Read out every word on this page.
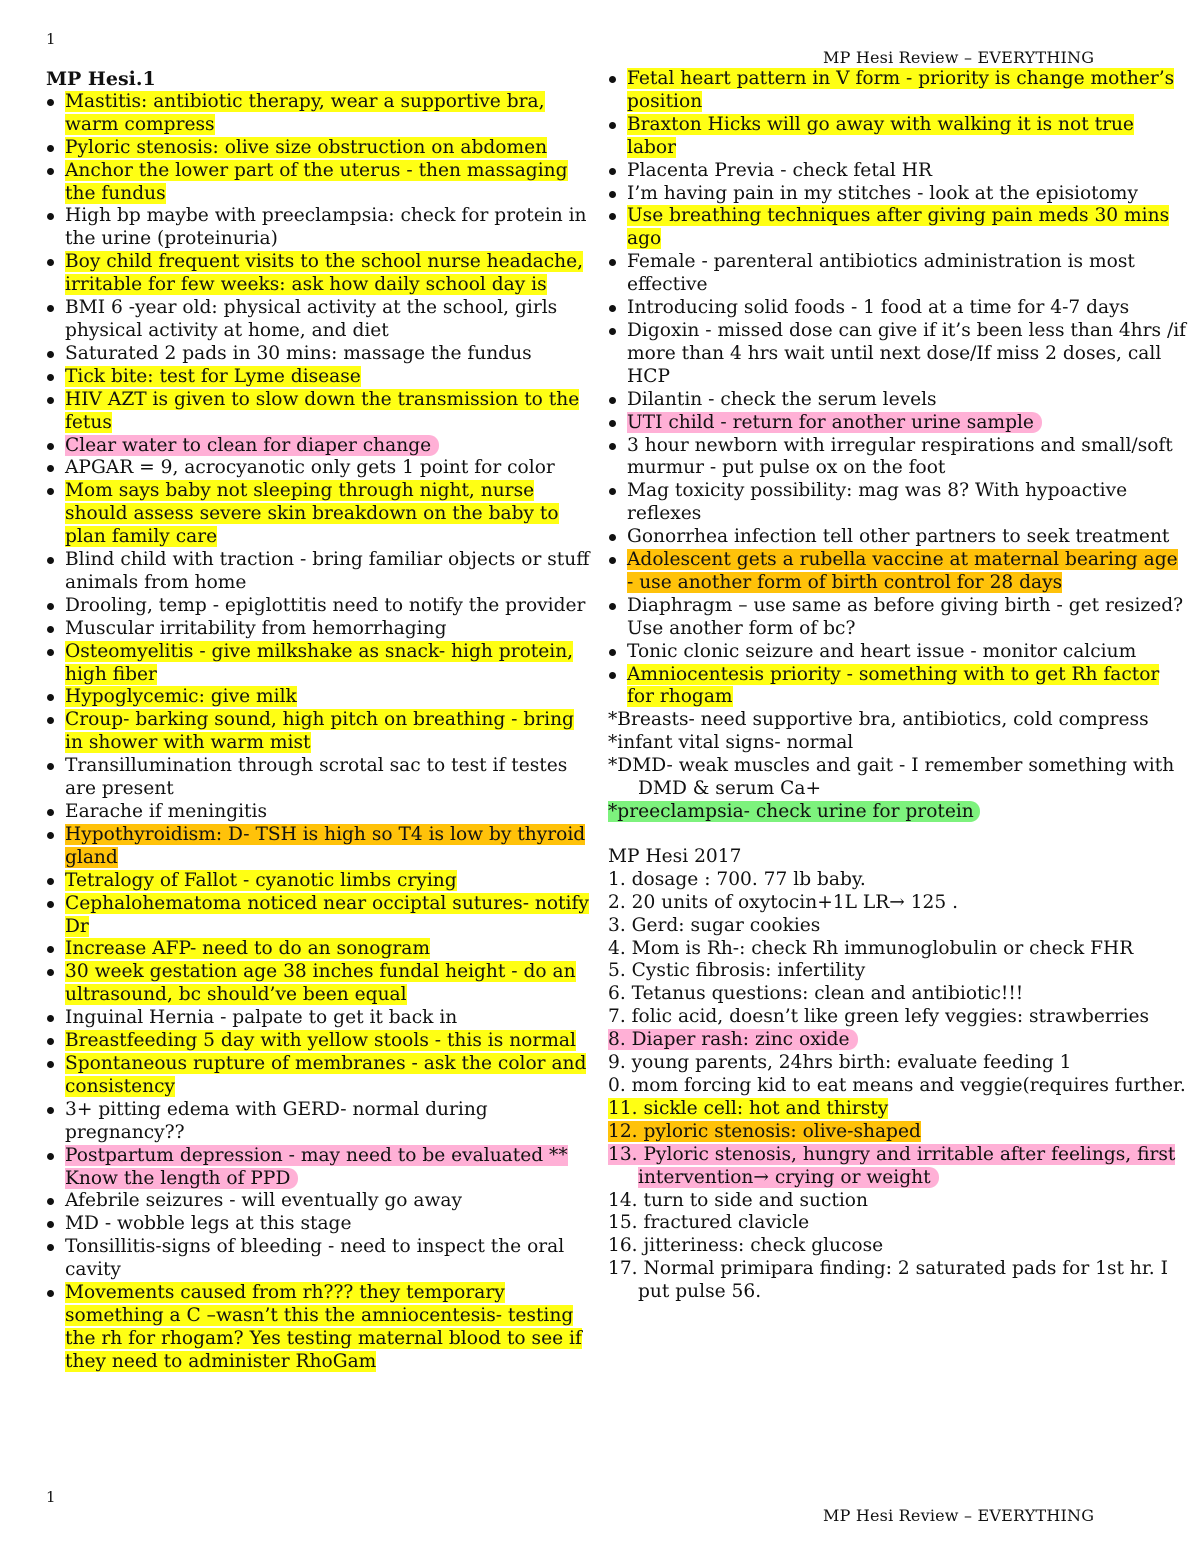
1
MP Hesi Review – EVERYTHING
MP Hesi.1
Mastitis: antibiotic therapy, wear a supportive bra, warm compress
Pyloric stenosis: olive size obstruction on abdomen
Anchor the lower part of the uterus - then massaging the fundus
High bp maybe with preeclampsia: check for protein in the urine (proteinuria)
Boy child frequent visits to the school nurse headache, irritable for few weeks: ask how daily school day is
BMI 6 -year old: physical activity at the school, girls physical activity at home, and diet
Saturated 2 pads in 30 mins: massage the fundus
Tick bite: test for Lyme disease
HIV AZT is given to slow down the transmission to the fetus
Clear water to clean for diaper change
APGAR = 9, acrocyanotic only gets 1 point for color
Mom says baby not sleeping through night, nurse should assess severe skin breakdown on the baby to plan family care
Blind child with traction - bring familiar objects or stuff animals from home
Drooling, temp - epiglottitis need to notify the provider
Muscular irritability from hemorrhaging
Osteomyelitis - give milkshake as snack- high protein, high fiber
Hypoglycemic: give milk
Croup- barking sound, high pitch on breathing - bring in shower with warm mist
Transillumination through scrotal sac to test if testes are present
Earache if meningitis
Hypothyroidism: D- TSH is high so T4 is low by thyroid gland
Tetralogy of Fallot - cyanotic limbs crying
Cephalohematoma noticed near occiptal sutures- notify Dr
Increase AFP- need to do an sonogram
30 week gestation age 38 inches fundal height - do an ultrasound, bc should’ve been equal
Inguinal Hernia - palpate to get it back in
Breastfeeding 5 day with yellow stools - this is normal
Spontaneous rupture of membranes - ask the color and consistency
3+ pitting edema with GERD- normal during pregnancy??
Postpartum depression - may need to be evaluated ** Know the length of PPD
Afebrile seizures - will eventually go away
MD - wobble legs at this stage
Tonsillitis-signs of bleeding - need to inspect the oral cavity
Movements caused from rh??? they temporary something a C –wasn’t this the amniocentesis- testing the rh for rhogam? Yes testing maternal blood to see if they need to administer RhoGam
Fetal heart pattern in V form - priority is change mother’s position
Braxton Hicks will go away with walking it is not true labor
Placenta Previa - check fetal HR
I’m having pain in my stitches - look at the episiotomy
Use breathing techniques after giving pain meds 30 mins ago
Female - parenteral antibiotics administration is most effective
Introducing solid foods - 1 food at a time for 4-7 days
Digoxin - missed dose can give if it’s been less than 4hrs /if more than 4 hrs wait until next dose/If miss 2 doses, call HCP
Dilantin - check the serum levels
UTI child - return for another urine sample
3 hour newborn with irregular respirations and small/soft murmur - put pulse ox on the foot
Mag toxicity possibility: mag was 8? With hypoactive reflexes
Gonorrhea infection tell other partners to seek treatment
Adolescent gets a rubella vaccine at maternal bearing age - use another form of birth control for 28 days
Diaphragm – use same as before giving birth - get resized? Use another form of bc?
Tonic clonic seizure and heart issue - monitor calcium
Amniocentesis priority - something with to get Rh factor for rhogam
*Breasts- need supportive bra, antibiotics, cold compress
*infant vital signs- normal
*DMD- weak muscles and gait - I remember something with DMD & serum Ca+
*preeclampsia- check urine for protein
MP Hesi 2017
1. dosage : 700. 77 lb baby.
2. 20 units of oxytocin+1L LR→ 125 .
3. Gerd: sugar cookies
4. Mom is Rh-: check Rh immunoglobulin or check FHR
5. Cystic fibrosis: infertility
6. Tetanus questions: clean and antibiotic!!!
7. folic acid, doesn’t like green lefy veggies: strawberries
8. Diaper rash: zinc oxide
9. young parents, 24hrs birth: evaluate feeding 1
0. mom forcing kid to eat means and veggie(requires further.
11. sickle cell: hot and thirsty
12. pyloric stenosis: olive-shaped
13. Pyloric stenosis, hungry and irritable after feelings, first intervention→ crying or weight
14. turn to side and suction
15. fractured clavicle
16. jitteriness: check glucose
17. Normal primipara finding: 2 saturated pads for 1st hr. I put pulse 56.
1
MP Hesi Review – EVERYTHING
